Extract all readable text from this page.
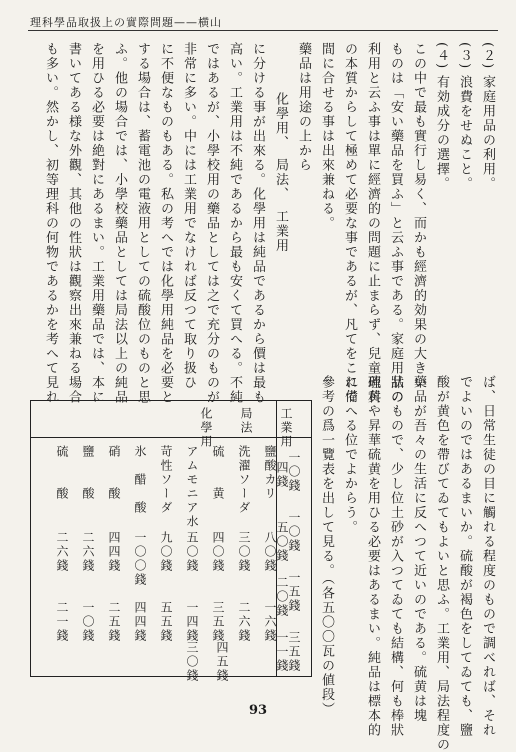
理科學品取扱上の實際問題——横山
(２) 家庭用品の利用。
(３) 浪費をせぬこと。
(４) 有効成分の選擇。
この中で最も實行し易く、而かも經濟的効果の大きい
ものは「安い藥品を買ふ」と云ふ事である。家庭用品の
利用と云ふ事は單に經濟的の問題に止まらず、兒童理科
の本質からして極めて必要な事であるが、凡てをこれで
間に合せる事は出來兼ねる。
藥品は用途の上から
化學用、　局法、　工業用
に分ける事が出來る。化學用は純品であるから價は最も
高い。工業用は不純であるから最も安くて買へる。不純
ではあるが、小學校用の藥品としては之で充分のものが
非常に多い。中には工業用でなければ反つて取り扱ひ
に不便なものもある。私の考へでは化學用純品を必要と
する場合は、蓄電池の電液用としての硫酸位のものと思
ふ。他の場合では、小學校藥品としては局法以上の純品
を用ひる必要は絶對にあるまい。工業用藥品では、本に
書いてある様な外觀、其他の性狀は觀察出來兼ねる場合
も多い。然かし、初等理科の何物であるかを考へて見れ
ば、日常生徒の目に觸れる程度のもので調べれば、それ
でよいのではあるまいか。硫酸が褐色をしてゐても、鹽
酸が黄色を帶びてゐてもよいと思ふ。工業用、局法程度の
藥品が吾々の生活に反へつて近いのである。硫黄は塊
狀のもので、少し位土砂が入つてゐても結構、何も棒狀
硫黄や昇華硫黄を用ひる必要はあるまい。純品は標本的
に備へる位でよからう。
參考の爲一覽表を出して見る。（各五〇〇瓦の値段）
化學用 局法 工業用
硫　　酸 鹽　　酸 硝　　酸 氷　醋　酸 苛性ソーダ アムモニア水 硫　　黄 洗濯ソーダ 鹽酸カリ
二六錢 二六錢 四四錢 一〇〇錢 九〇錢 五〇錢 四〇錢 三〇錢 八〇錢
二一錢 一〇錢 二五錢 四四錢 五五錢 一四錢 三五錢 二六錢 一六錢
一〇錢
一〇錢
一五錢
三五錢
二〇錢
一一錢
五〇錢
四錢
四五錢
三〇錢
93
